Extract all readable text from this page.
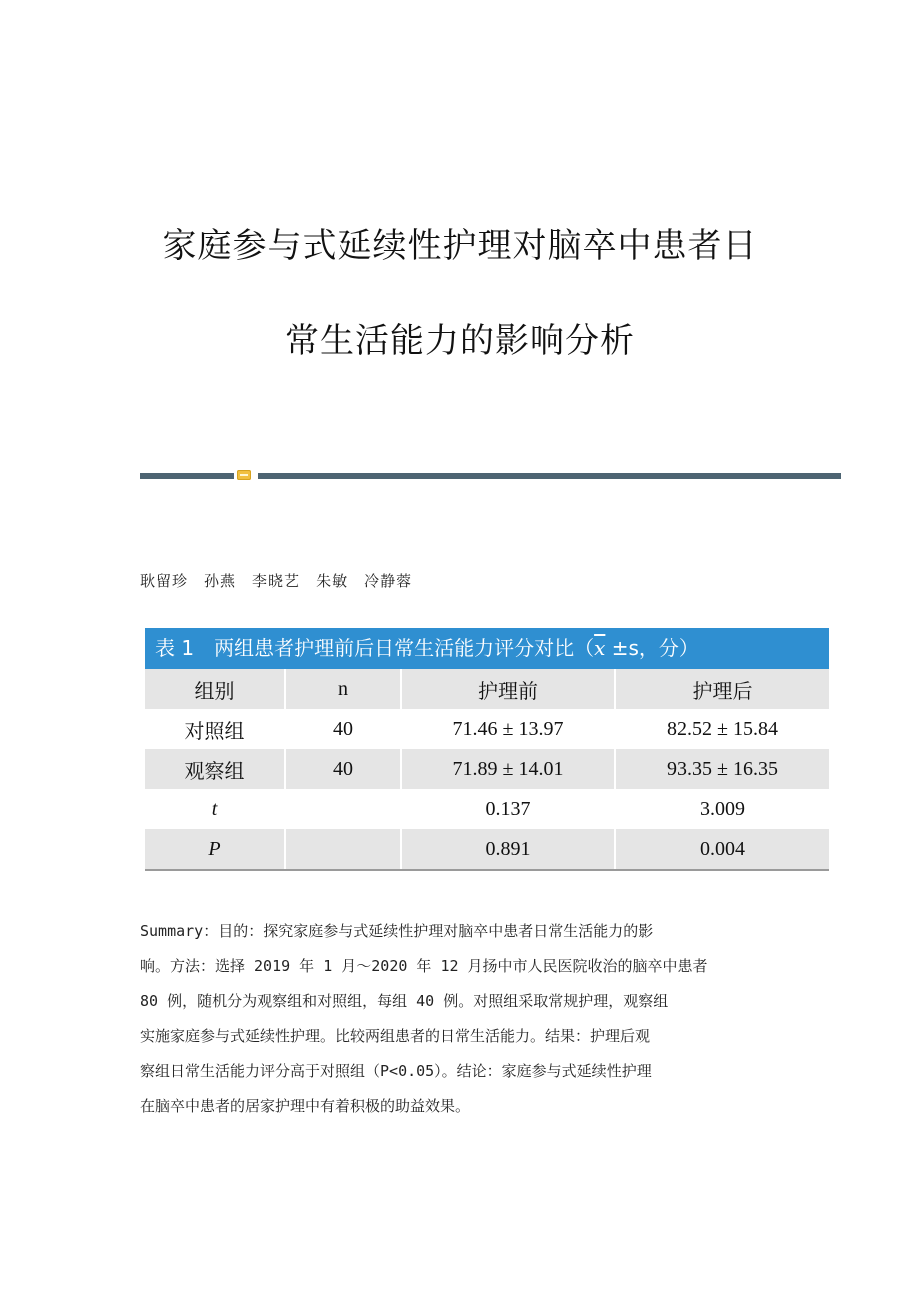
家庭参与式延续性护理对脑卒中患者日
常生活能力的影响分析
耿留珍 孙燕 李晓艺 朱敏 冷静蓉
表 1　两组患者护理前后日常生活能力评分对比（$\overline{x} \pm s$，分）
组别	n	护理前	护理后
对照组	40	71.46 ± 13.97	82.52 ± 15.84
观察组	40	71.89 ± 14.01	93.35 ± 16.35
t		0.137	3.009
P		0.891	0.004
Summary：目的：探究家庭参与式延续性护理对脑卒中患者日常生活能力的影
响。方法：选择 2019 年 1 月～2020 年 12 月扬中市人民医院收治的脑卒中患者
80 例，随机分为观察组和对照组，每组 40 例。对照组采取常规护理，观察组
实施家庭参与式延续性护理。比较两组患者的日常生活能力。结果：护理后观
察组日常生活能力评分高于对照组（P<0.05）。结论：家庭参与式延续性护理
在脑卒中患者的居家护理中有着积极的助益效果。
